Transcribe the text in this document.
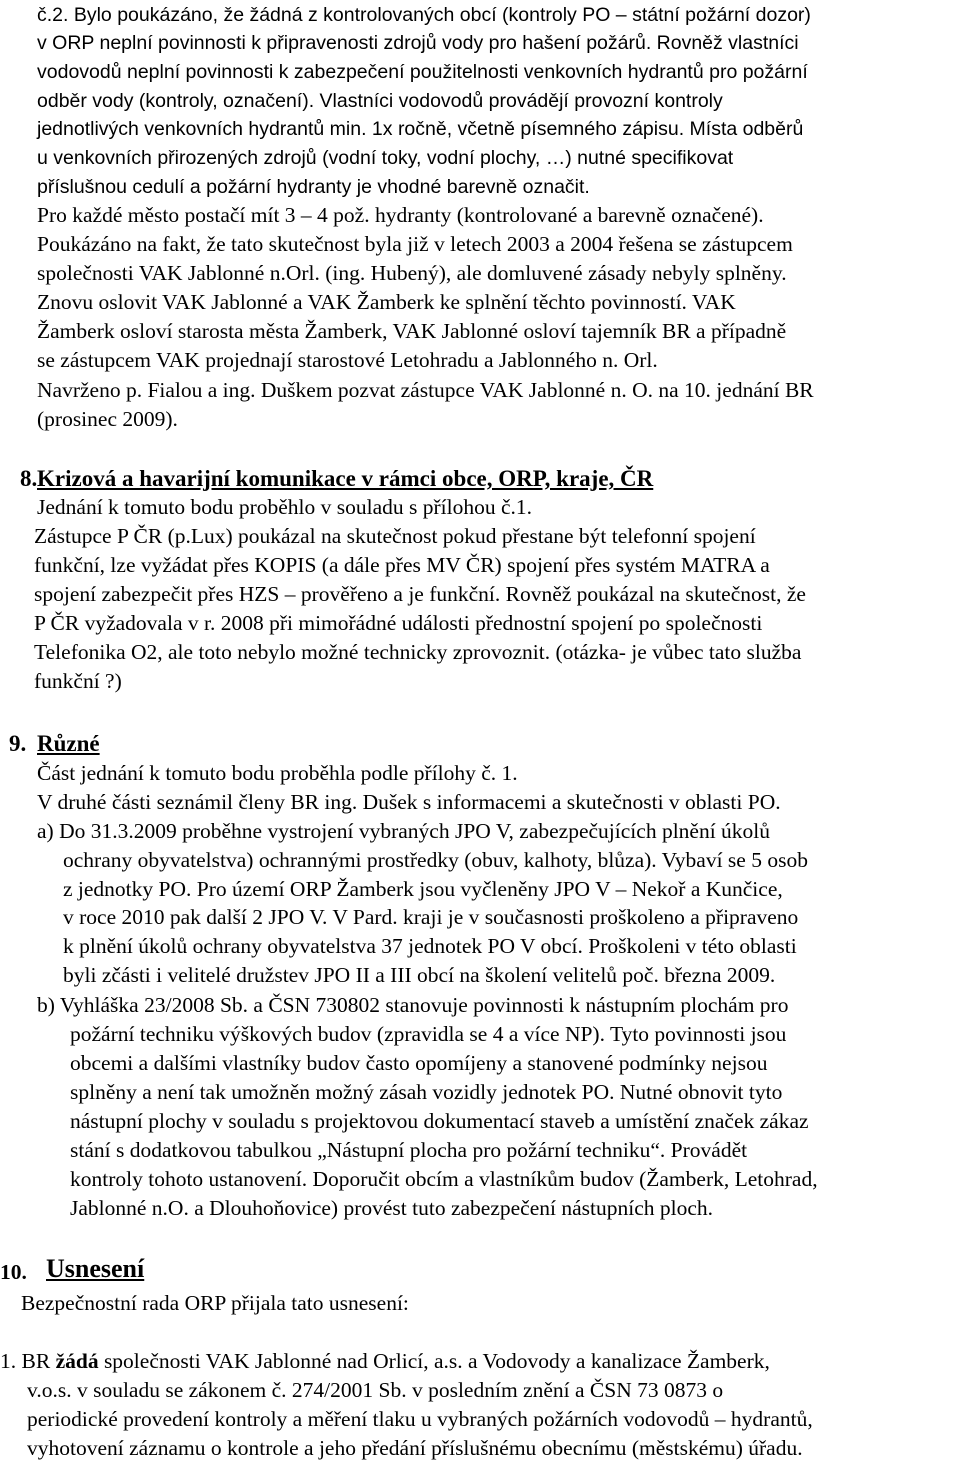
č.2. Bylo poukázáno, že žádná z kontrolovaných obcí (kontroly PO – státní požární dozor)
v ORP neplní povinnosti k připravenosti zdrojů vody pro hašení požárů. Rovněž vlastníci
vodovodů neplní povinnosti k zabezpečení použitelnosti venkovních hydrantů pro požární
odběr vody (kontroly, označení). Vlastníci vodovodů provádějí provozní kontroly
jednotlivých venkovních hydrantů min. 1x ročně, včetně písemného zápisu. Místa odběrů
u venkovních přirozených zdrojů (vodní toky, vodní plochy, …) nutné specifikovat
příslušnou cedulí a požární hydranty je vhodné barevně označit.
Pro každé město postačí mít 3 – 4 pož. hydranty (kontrolované a barevně označené).
Poukázáno na fakt, že tato skutečnost byla již v letech 2003 a 2004 řešena se zástupcem
společnosti VAK Jablonné n.Orl. (ing. Hubený), ale domluvené zásady nebyly splněny.
Znovu oslovit VAK Jablonné a VAK Žamberk ke splnění těchto povinností. VAK
Žamberk osloví starosta města Žamberk, VAK Jablonné osloví tajemník BR a případně
se zástupcem VAK projednají starostové Letohradu a Jablonného n. Orl.
Navrženo p. Fialou a ing. Duškem pozvat zástupce VAK Jablonné n. O. na 10. jednání BR
(prosinec 2009).
8. Krizová a havarijní komunikace v rámci obce, ORP, kraje, ČR
Jednání k tomuto bodu proběhlo v souladu s přílohou č.1.
Zástupce P ČR (p.Lux) poukázal na skutečnost pokud přestane být telefonní spojení
funkční, lze vyžádat přes KOPIS (a dále přes MV ČR) spojení přes systém MATRA a
spojení zabezpečit přes HZS – prověřeno a je funkční. Rovněž poukázal na skutečnost, že
P ČR vyžadovala v r. 2008 při mimořádné události přednostní spojení po společnosti
Telefonika O2, ale toto nebylo možné technicky zprovoznit. (otázka- je vůbec tato služba
funkční ?)
9. Různé
Část jednání k tomuto bodu proběhla podle přílohy č. 1.
V druhé části seznámil členy BR ing. Dušek s informacemi a skutečnosti v oblasti PO.
a) Do 31.3.2009 proběhne vystrojení vybraných JPO V, zabezpečujících plnění úkolů
ochrany obyvatelstva) ochrannými prostředky (obuv, kalhoty, blůza). Vybaví se 5 osob
z jednotky PO. Pro území ORP Žamberk jsou vyčleněny JPO V – Nekoř a Kunčice,
v roce 2010 pak další 2 JPO V. V Pard. kraji je v současnosti proškoleno a připraveno
k plnění úkolů ochrany obyvatelstva 37 jednotek PO V obcí. Proškoleni v této oblasti
byli zčásti i velitelé družstev JPO II a III obcí na školení velitelů poč. března 2009.
b) Vyhláška 23/2008 Sb. a ČSN 730802 stanovuje povinnosti k nástupním plochám pro
požární techniku výškových budov (zpravidla se 4 a více NP). Tyto povinnosti jsou
obcemi a dalšími vlastníky budov často opomíjeny a stanovené podmínky nejsou
splněny a není tak umožněn možný zásah vozidly jednotek PO. Nutné obnovit tyto
nástupní plochy v souladu s projektovou dokumentací staveb a umístění značek zákaz
stání s dodatkovou tabulkou „Nástupní plocha pro požární techniku“. Provádět
kontroly tohoto ustanovení. Doporučit obcím a vlastníkům budov (Žamberk, Letohrad,
Jablonné n.O. a Dlouhoňovice) provést tuto zabezpečení nástupních ploch.
10. Usnesení
Bezpečnostní rada ORP přijala tato usnesení:
1. BR žádá společnosti VAK Jablonné nad Orlicí, a.s. a Vodovody a kanalizace Žamberk,
v.o.s. v souladu se zákonem č. 274/2001 Sb. v posledním znění a ČSN 73 0873 o
periodické provedení kontroly a měření tlaku u vybraných požárních vodovodů – hydrantů,
vyhotovení záznamu o kontrole a jeho předání příslušnému obecnímu (městskému) úřadu.
